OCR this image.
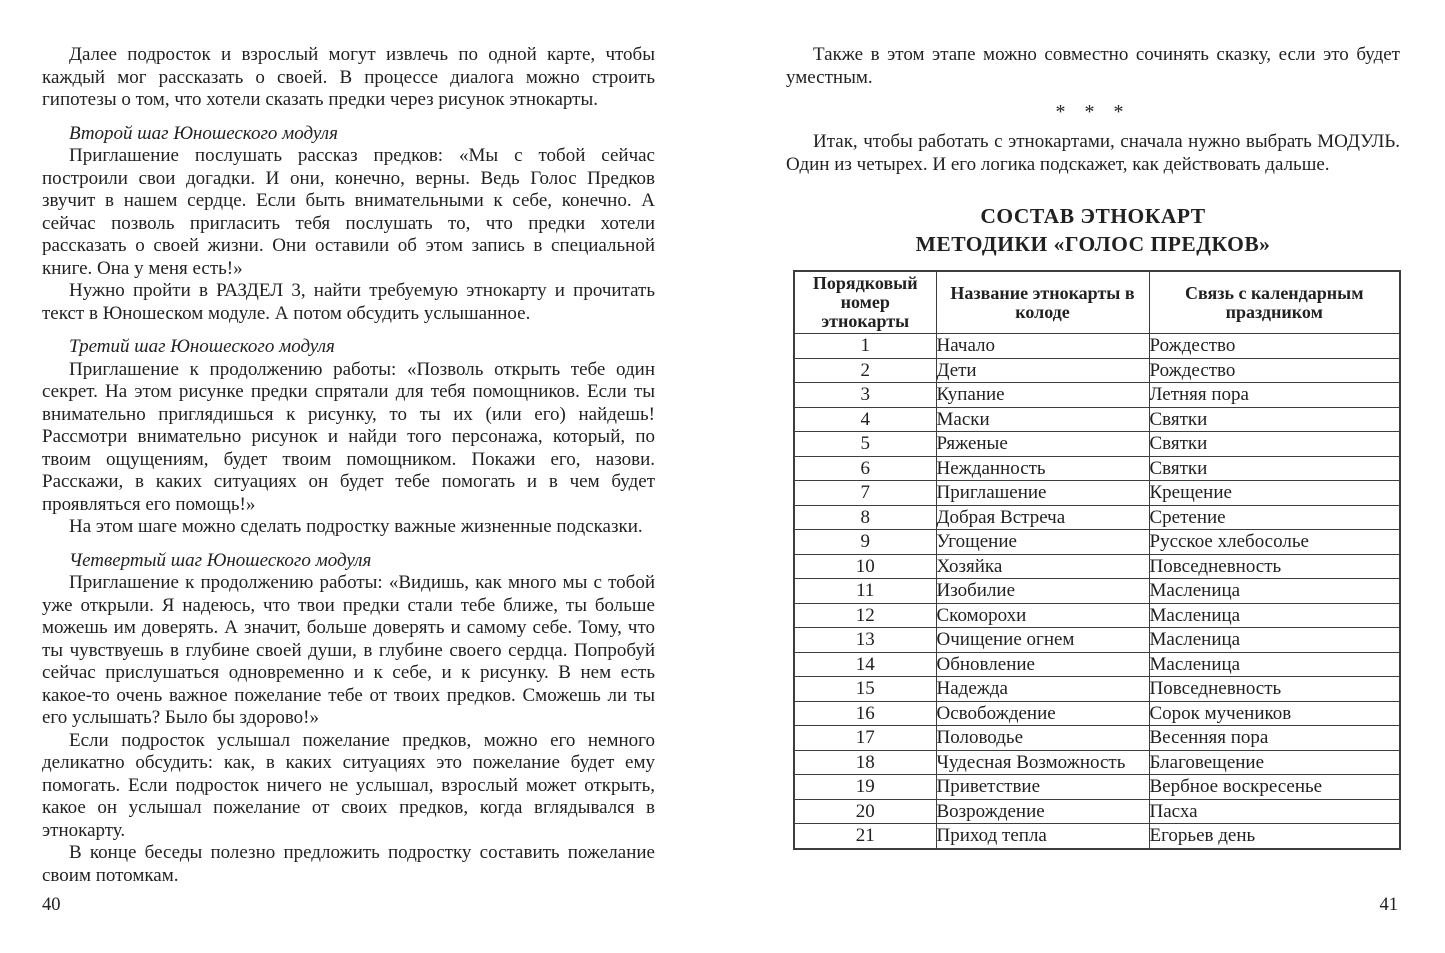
Далее подросток и взрослый могут извлечь по одной карте, чтобы каждый мог рассказать о своей. В процессе диалога можно строить гипотезы о том, что хотели сказать предки через рисунок этнокарты.

Второй шаг Юношеского модуля

Приглашение послушать рассказ предков: «Мы с тобой сейчас построили свои догадки. И они, конечно, верны. Ведь Голос Предков звучит в нашем сердце. Если быть внимательными к себе, конечно. А сейчас позволь пригласить тебя послушать то, что предки хотели рассказать о своей жизни. Они оставили об этом запись в специальной книге. Она у меня есть!»

Нужно пройти в РАЗДЕЛ 3, найти требуемую этнокарту и прочитать текст в Юношеском модуле. А потом обсудить услышанное.

Третий шаг Юношеского модуля

Приглашение к продолжению работы: «Позволь открыть тебе один секрет. На этом рисунке предки спрятали для тебя помощников. Если ты внимательно приглядишься к рисунку, то ты их (или его) найдешь! Рассмотри внимательно рисунок и найди того персонажа, который, по твоим ощущениям, будет твоим помощником. Покажи его, назови. Расскажи, в каких ситуациях он будет тебе помогать и в чем будет проявляться его помощь!»

На этом шаге можно сделать подростку важные жизненные подсказки.

Четвертый шаг Юношеского модуля

Приглашение к продолжению работы: «Видишь, как много мы с тобой уже открыли. Я надеюсь, что твои предки стали тебе ближе, ты больше можешь им доверять. А значит, больше доверять и самому себе. Тому, что ты чувствуешь в глубине своей души, в глубине своего сердца. Попробуй сейчас прислушаться одновременно и к себе, и к рисунку. В нем есть какое-то очень важное пожелание тебе от твоих предков. Сможешь ли ты его услышать? Было бы здорово!»

Если подросток услышал пожелание предков, можно его немного деликатно обсудить: как, в каких ситуациях это пожелание будет ему помогать. Если подросток ничего не услышал, взрослый может открыть, какое он услышал пожелание от своих предков, когда вглядывался в этнокарту.

В конце беседы полезно предложить подростку составить пожелание своим потомкам.

40

Также в этом этапе можно совместно сочинять сказку, если это будет уместным.

* * *

Итак, чтобы работать с этнокартами, сначала нужно выбрать МОДУЛЬ. Один из четырех. И его логика подскажет, как действовать дальше.

СОСТАВ ЭТНОКАРТ
МЕТОДИКИ «ГОЛОС ПРЕДКОВ»
Порядковый номер этнокарты	Название этнокарты в колоде	Связь с календарным праздником
1	Начало	Рождество
2	Дети	Рождество
3	Купание	Летняя пора
4	Маски	Святки
5	Ряженые	Святки
6	Нежданность	Святки
7	Приглашение	Крещение
8	Добрая Встреча	Сретение
9	Угощение	Русское хлебосолье
10	Хозяйка	Повседневность
11	Изобилие	Масленица
12	Скоморохи	Масленица
13	Очищение огнем	Масленица
14	Обновление	Масленица
15	Надежда	Повседневность
16	Освобождение	Сорок мучеников
17	Половодье	Весенняя пора
18	Чудесная Возможность	Благовещение
19	Приветствие	Вербное воскресенье
20	Возрождение	Пасха
21	Приход тепла	Егорьев день
41
